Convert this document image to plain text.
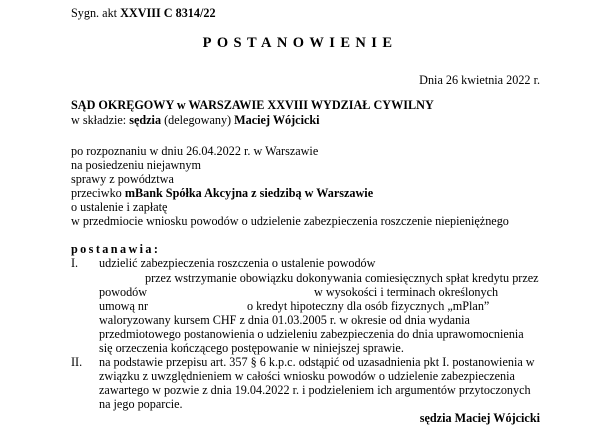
Sygn. akt XXVIII C 8314/22
POSTANOWIENIE
Dnia 26 kwietnia 2022 r.
SĄD OKRĘGOWY w WARSZAWIE XXVIII WYDZIAŁ CYWILNY
w składzie: sędzia (delegowany) Maciej Wójcicki
po rozpoznaniu w dniu 26.04.2022 r. w Warszawie
na posiedzeniu niejawnym
sprawy z powództwa
przeciwko mBank Spółka Akcyjna z siedzibą w Warszawie
o ustalenie i zapłatę
w przedmiocie wniosku powodów o udzielenie zabezpieczenia roszczenie niepieniężnego
postanawia:
I. udzielić zabezpieczenia roszczenia o ustalenie powodów
przez wstrzymanie obowiązku dokonywania comiesięcznych spłat kredytu przez
powodów	w wysokości i terminach określonych
umową nr	o kredyt hipoteczny dla osób fizycznych „mPlan”
waloryzowany kursem CHF z dnia 01.03.2005 r. w okresie od dnia wydania
przedmiotowego postanowienia o udzieleniu zabezpieczenia do dnia uprawomocnienia
się orzeczenia kończącego postępowanie w niniejszej sprawie.
II. na podstawie przepisu art. 357 § 6 k.p.c. odstąpić od uzasadnienia pkt I. postanowienia w
związku z uwzględnieniem w całości wniosku powodów o udzielenie zabezpieczenia
zawartego w pozwie z dnia 19.04.2022 r. i podzieleniem ich argumentów przytoczonych
na jego poparcie.
sędzia Maciej Wójcicki
